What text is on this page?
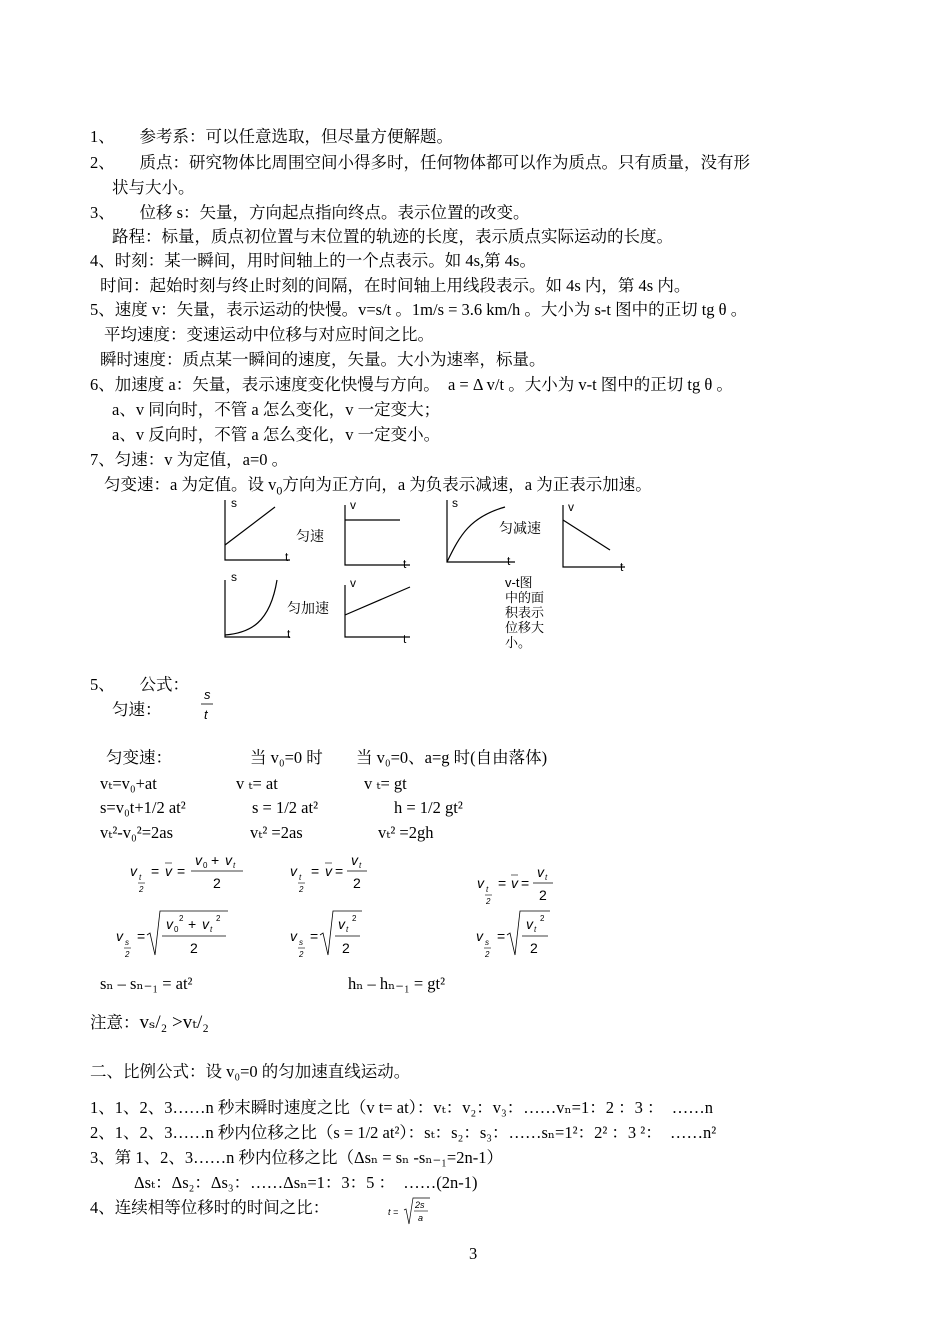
1、　　参考系：可以任意选取，但尽量方便解题。
2、　　质点：研究物体比周围空间小得多时，任何物体都可以作为质点。只有质量，没有形
状与大小。
3、　　位移 s：矢量，方向起点指向终点。表示位置的改变。
路程：标量，质点初位置与末位置的轨迹的长度，表示质点实际运动的长度。
4、时刻：某一瞬间，用时间轴上的一个点表示。如 4s,第 4s。
时间：起始时刻与终止时刻的间隔，在时间轴上用线段表示。如 4s 内，第 4s 内。
5、速度 v：矢量，表示运动的快慢。v=s/t 。1m/s = 3.6 km/h 。大小为 s-t 图中的正切 tg θ 。
平均速度：变速运动中位移与对应时间之比。
瞬时速度：质点某一瞬间的速度，矢量。大小为速率，标量。
6、加速度 a：矢量，表示速度变化快慢与方向。　a = Δ v/t 。大小为 v-t 图中的正切 tg θ 。
a、v 同向时，不管 a 怎么变化，v 一定变大；
a、v 反向时，不管 a 怎么变化，v 一定变小。
7、匀速：v 为定值，a=0 。
匀变速：a 为定值。设 $v_0$方向为正方向，a 为负表示减速，a 为正表示加速。
s
t
匀速
v
t
s
t
匀减速
v
t
s
t
匀加速
v
t
v-t图
中的面
积表示
位移大
小。
5、　　公式：
匀速：
s
t
匀变速：	当 v₀=0 时 当 v₀=0、a=g 时(自由落体)
vₜ=v₀+at	v ₜ= at	v ₜ= gt
s=v₀t+1/2 at²	s = 1/2 at²	h = 1/2 gt²
vₜ²-v₀²=2as	vₜ² =2as	vₜ² =2gh
v t
2
= v =
v 0 + v t
2
v t
2
= v =
v t
2	v t
2
= v =
v t
2
v s
2
=
v 0
2 + v t
2
2
v s
2
=
v t
2
2
v s
2
=
v t
2
2
sₙ – sₙ₋₁ = at²	hₙ – hₙ₋₁ = gt²
注意：vₛ/₂ >vₜ/₂
二、比例公式：设 v₀=0 的匀加速直线运动。
1、1、2、3……n 秒末瞬时速度之比（v t= at）：vₜ：v₂：v₃：……vₙ=1：2 ：3 ：　……n
2、1、2、3……n 秒内位移之比（s = 1/2 at²）：sₜ：s₂：s₃：……sₙ=1²：2² ：3 ²：　……n²
3、第 1、2、3……n 秒内位移之比（Δsₙ = sₙ -sₙ₋₁=2n-1）
Δsₜ：Δs₂：Δs₃：……Δsₙ=1：3：5 ：　……(2n-1)
4、连续相等位移时的时间之比：	t =
2s
a
3
